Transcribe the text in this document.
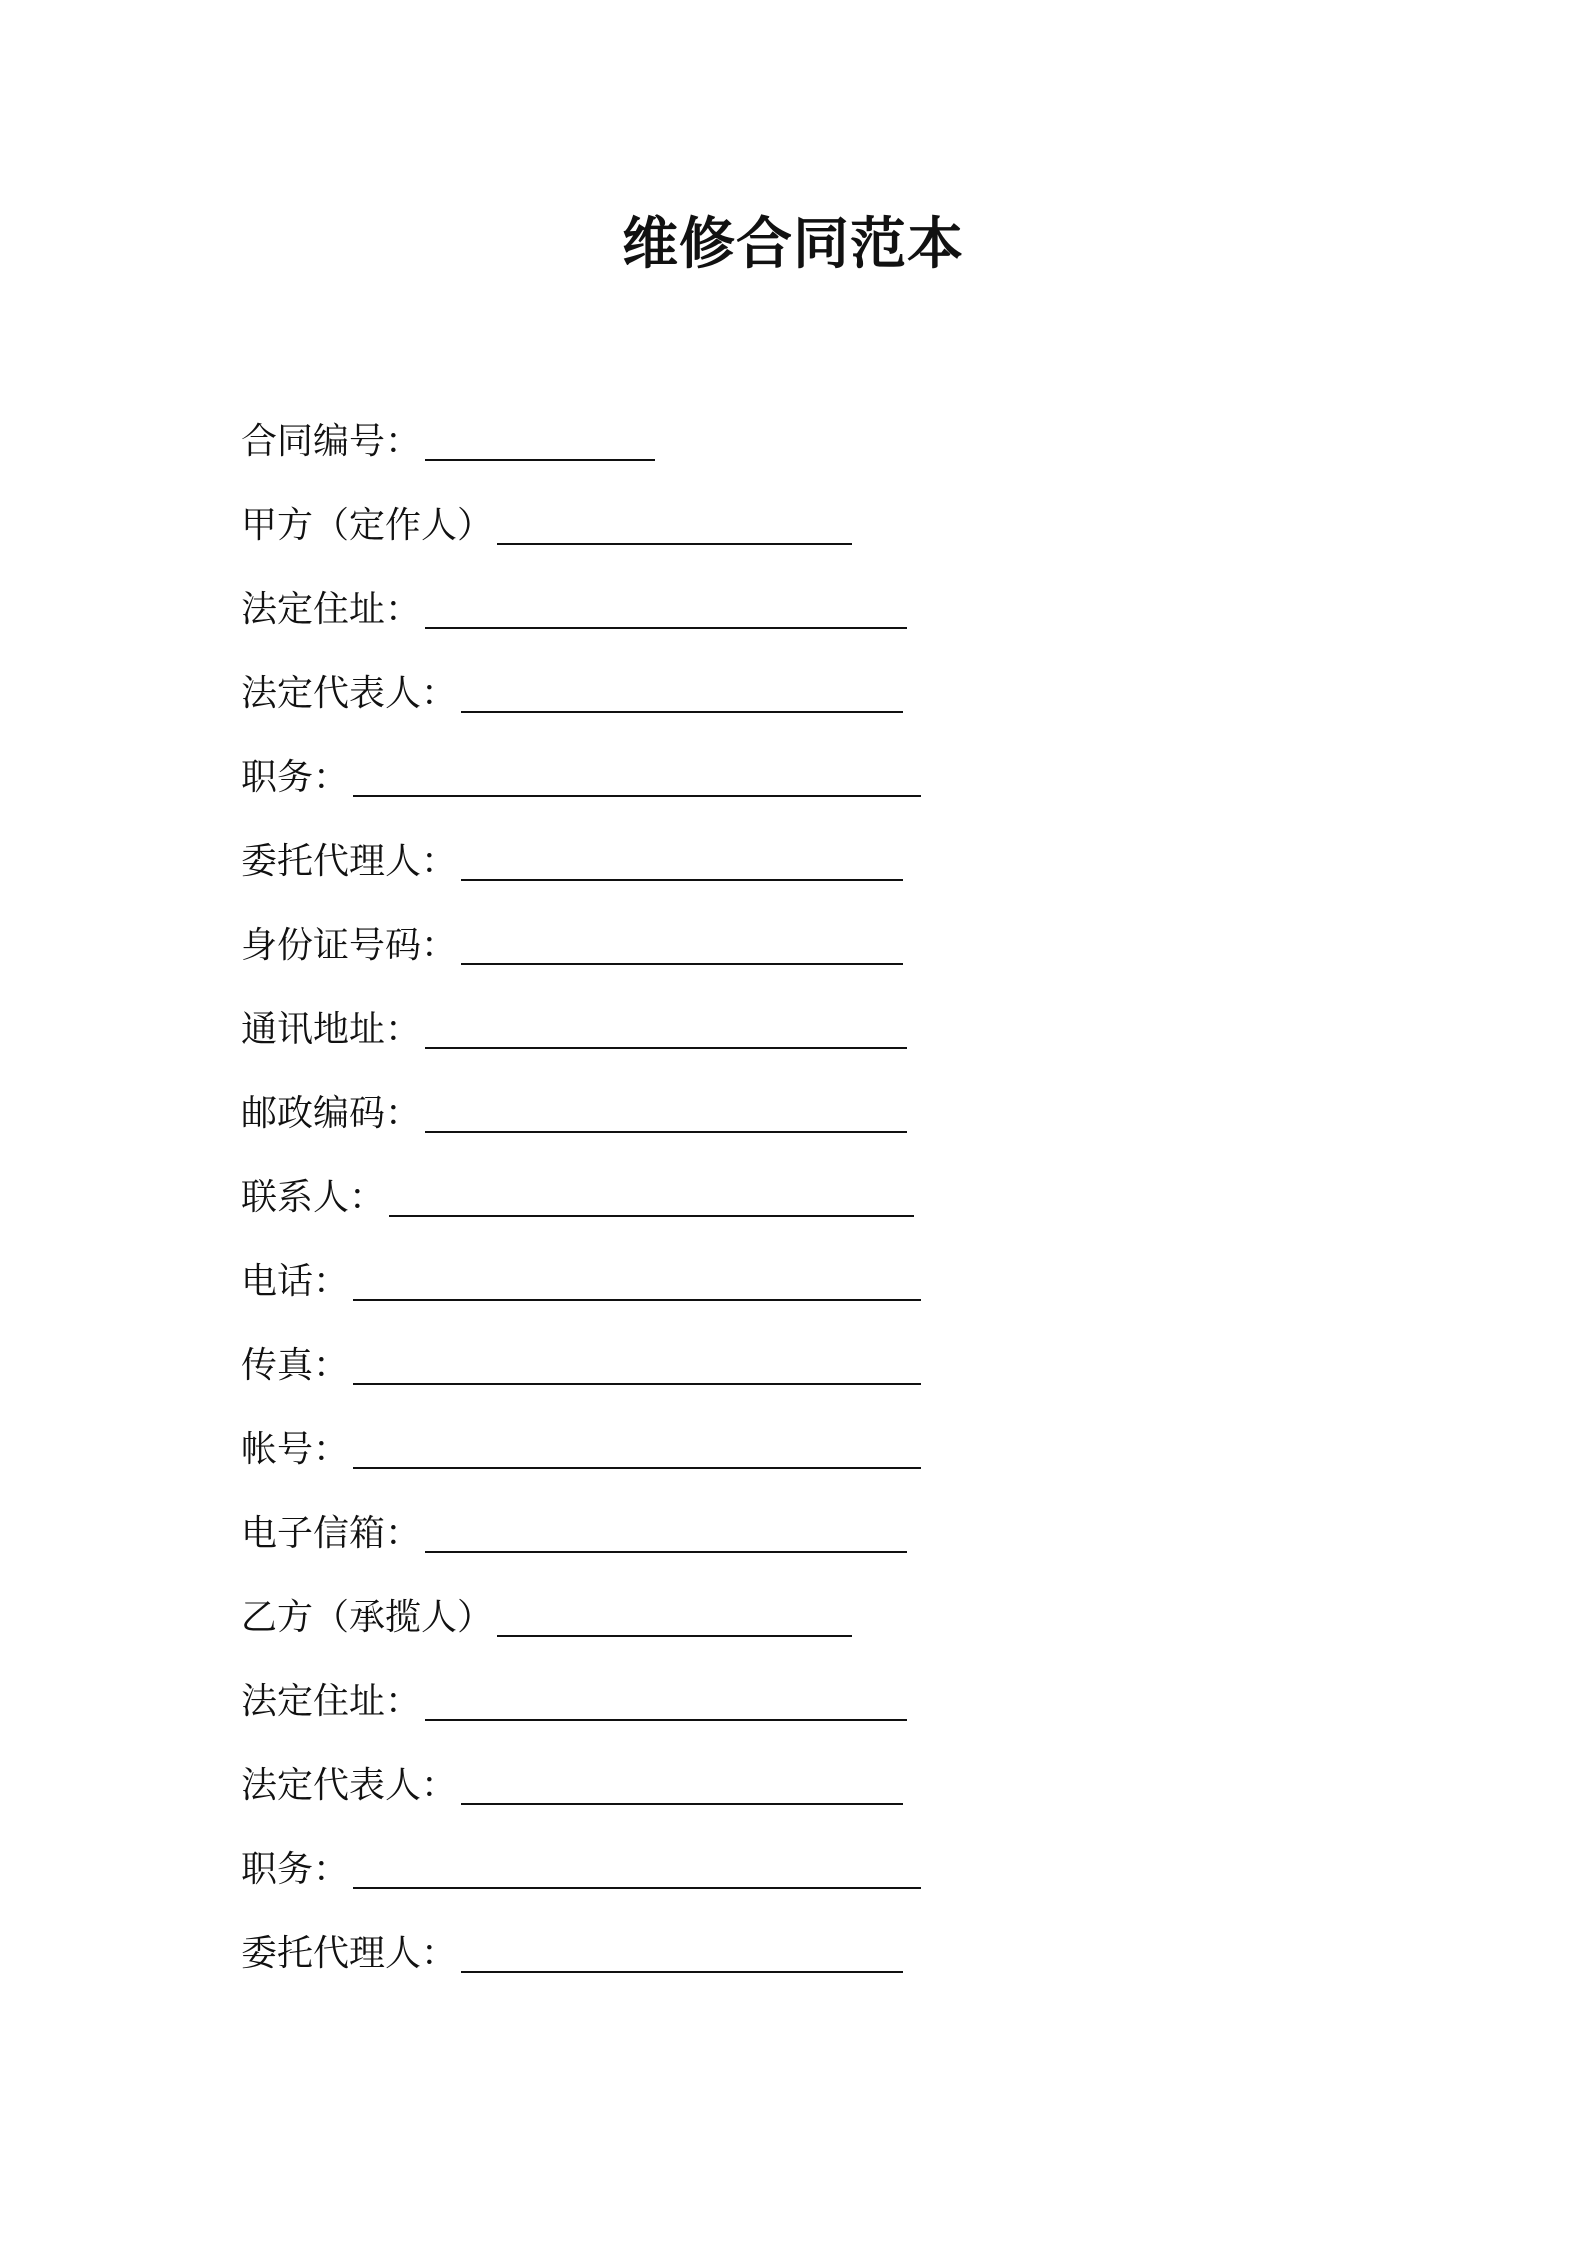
维修合同范本
合同编号：
甲方（定作人）
法定住址：
法定代表人：
职务：
委托代理人：
身份证号码：
通讯地址：
邮政编码：
联系人：
电话：
传真：
帐号：
电子信箱：
乙方（承揽人）
法定住址：
法定代表人：
职务：
委托代理人：
